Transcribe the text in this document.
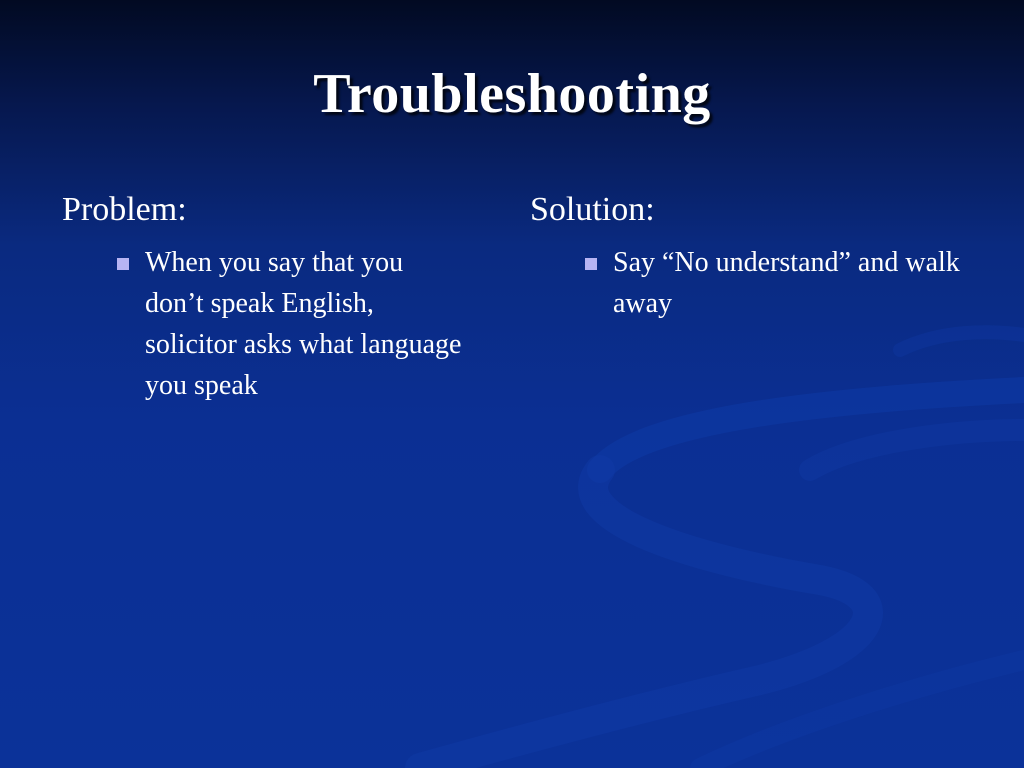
Troubleshooting
Problem:
When you say that you don’t speak English, solicitor asks what language you speak
Solution:
Say “No understand” and walk away
